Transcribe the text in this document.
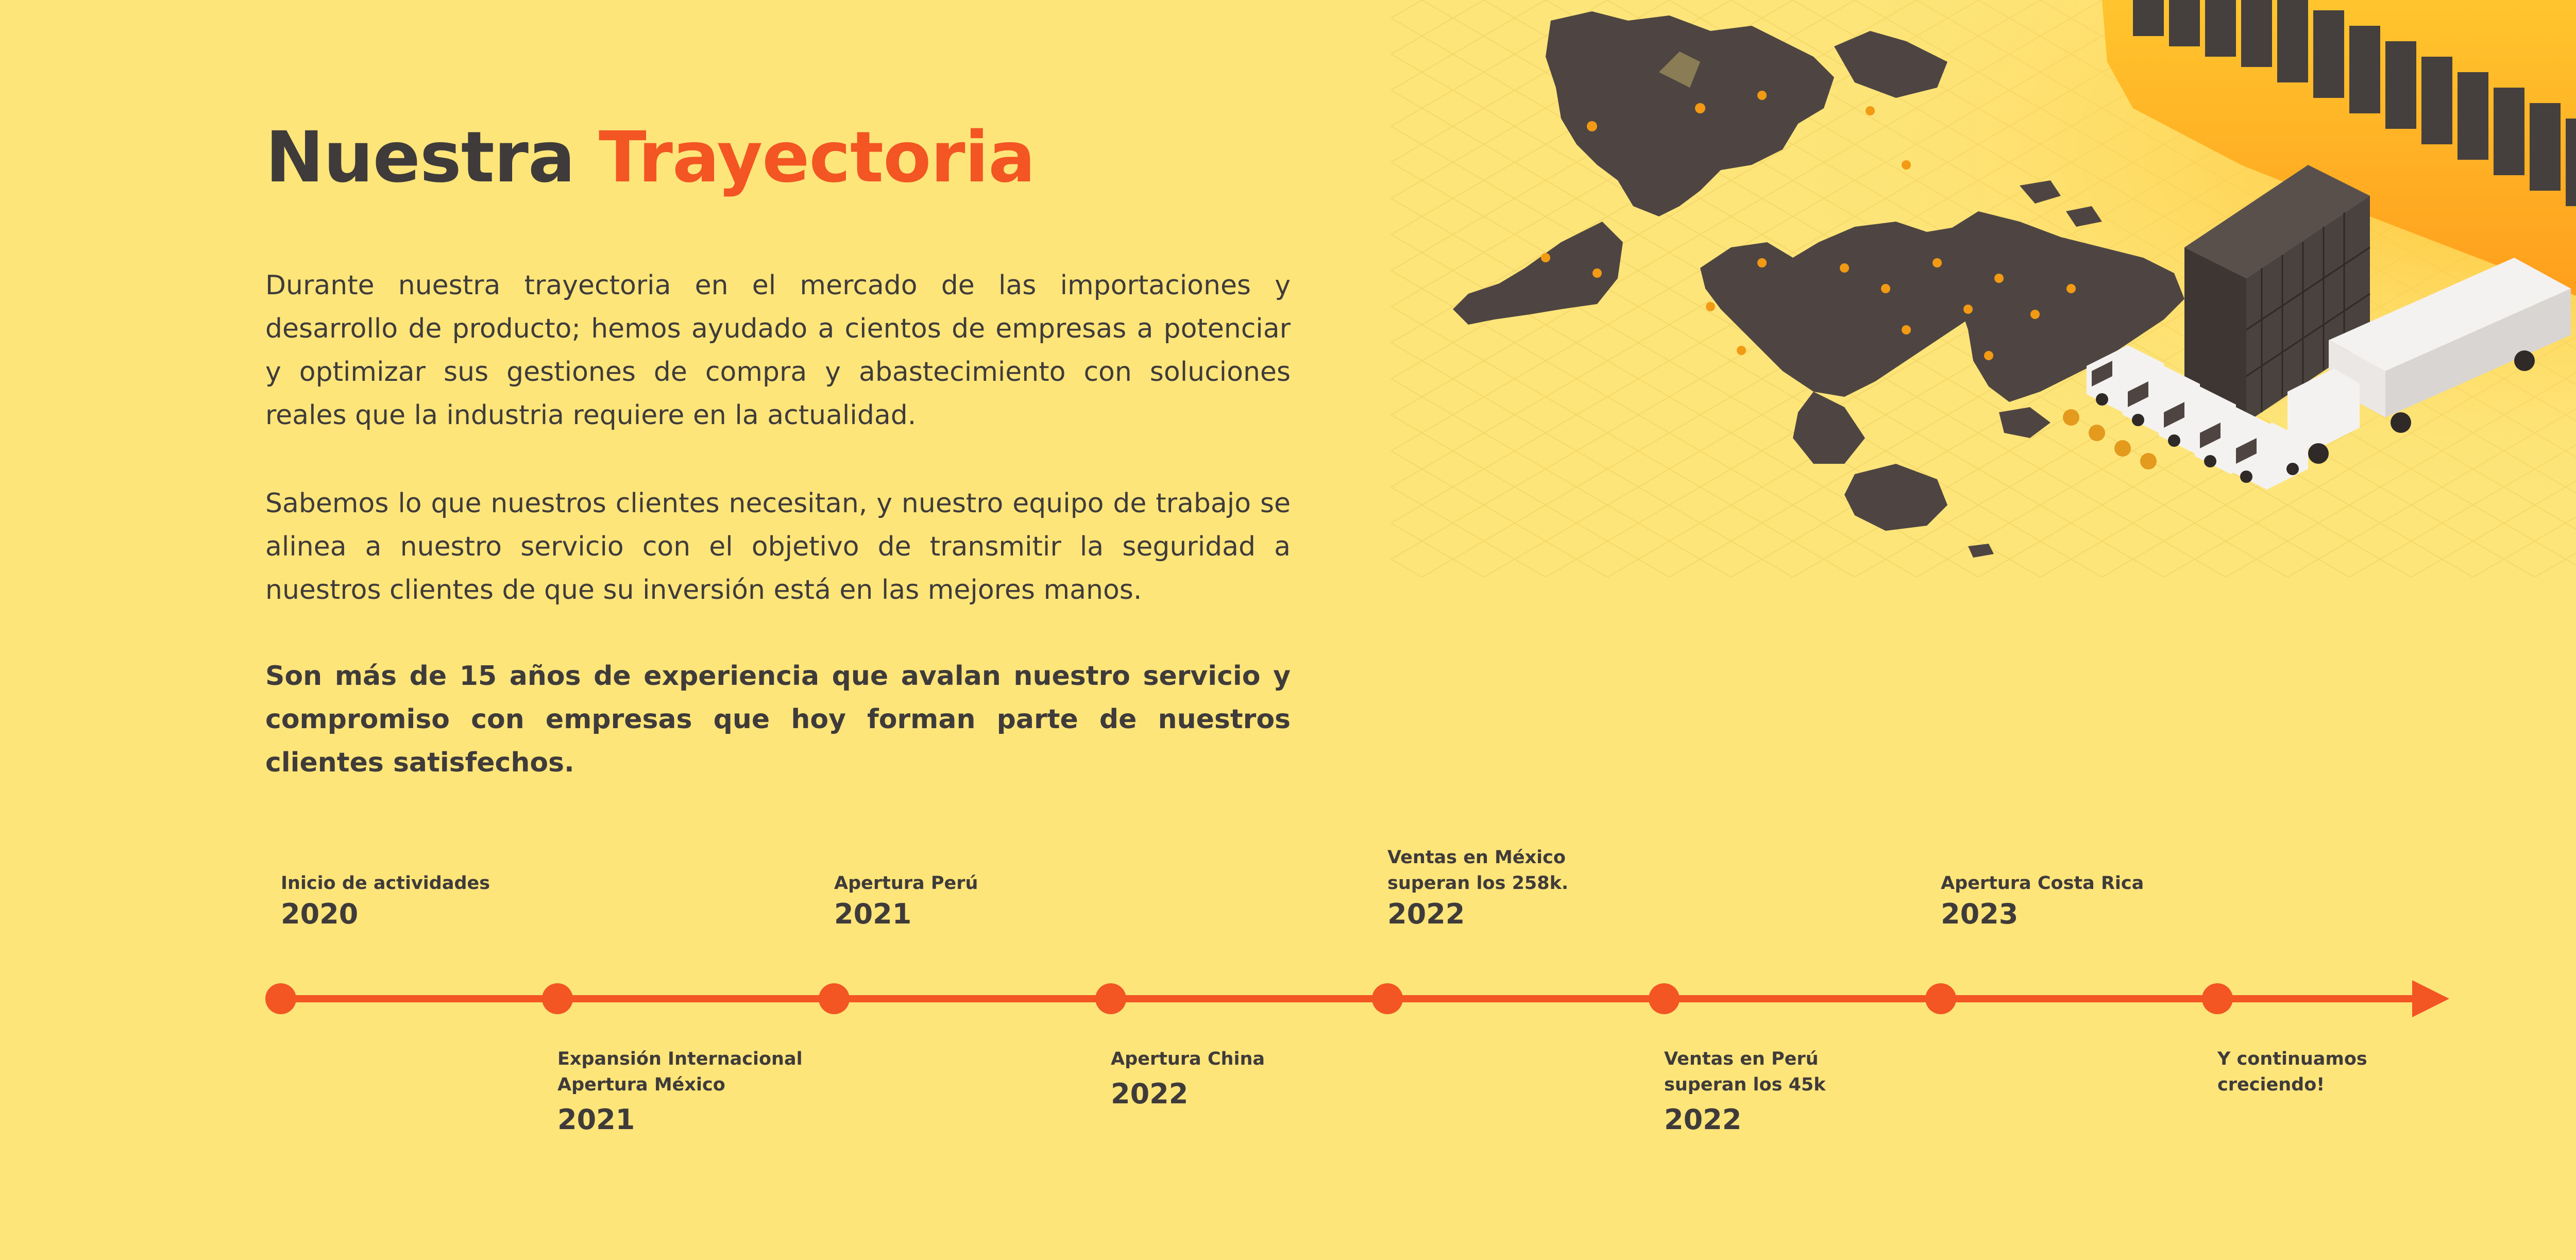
Nuestra Trayectoria

Durante nuestra trayectoria en el mercado de las importaciones y desarrollo de producto; hemos ayudado a cientos de empresas a potenciar y optimizar sus gestiones de compra y abastecimiento con soluciones reales que la industria requiere en la actualidad.

Sabemos lo que nuestros clientes necesitan, y nuestro equipo de trabajo se alinea a nuestro servicio con el objetivo de transmitir la seguridad a nuestros clientes de que su inversión está en las mejores manos.

Son más de 15 años de experiencia que avalan nuestro servicio y compromiso con empresas que hoy forman parte de nuestros clientes satisfechos.

Inicio de actividades

2020

Expansión Internacional
Apertura México

2021

Apertura Perú

2021

Apertura China

2022

Ventas en México
superan los 258k.

2022

Ventas en Perú
superan los 45k

2022

Apertura Costa Rica

2023

Y continuamos
creciendo!
